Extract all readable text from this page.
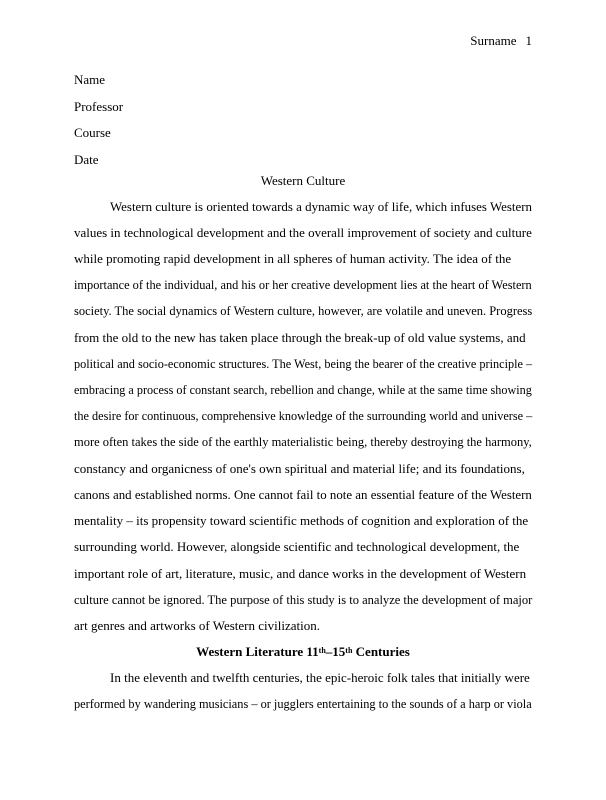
Surname 1
Name
Professor
Course
Date
Western Culture
Western culture is oriented towards a dynamic way of life, which infuses Western
values in technological development and the overall improvement of society and culture
while promoting rapid development in all spheres of human activity. The idea of the
importance of the individual, and his or her creative development lies at the heart of Western
society. The social dynamics of Western culture, however, are volatile and uneven. Progress
from the old to the new has taken place through the break-up of old value systems, and
political and socio-economic structures. The West, being the bearer of the creative principle –
embracing a process of constant search, rebellion and change, while at the same time showing
the desire for continuous, comprehensive knowledge of the surrounding world and universe –
more often takes the side of the earthly materialistic being, thereby destroying the harmony,
constancy and organicness of one's own spiritual and material life; and its foundations,
canons and established norms. One cannot fail to note an essential feature of the Western
mentality – its propensity toward scientific methods of cognition and exploration of the
surrounding world. However, alongside scientific and technological development, the
important role of art, literature, music, and dance works in the development of Western
culture cannot be ignored. The purpose of this study is to analyze the development of major
art genres and artworks of Western civilization.
Western Literature 11th–15th Centuries
In the eleventh and twelfth centuries, the epic-heroic folk tales that initially were
performed by wandering musicians – or jugglers entertaining to the sounds of a harp or viola
